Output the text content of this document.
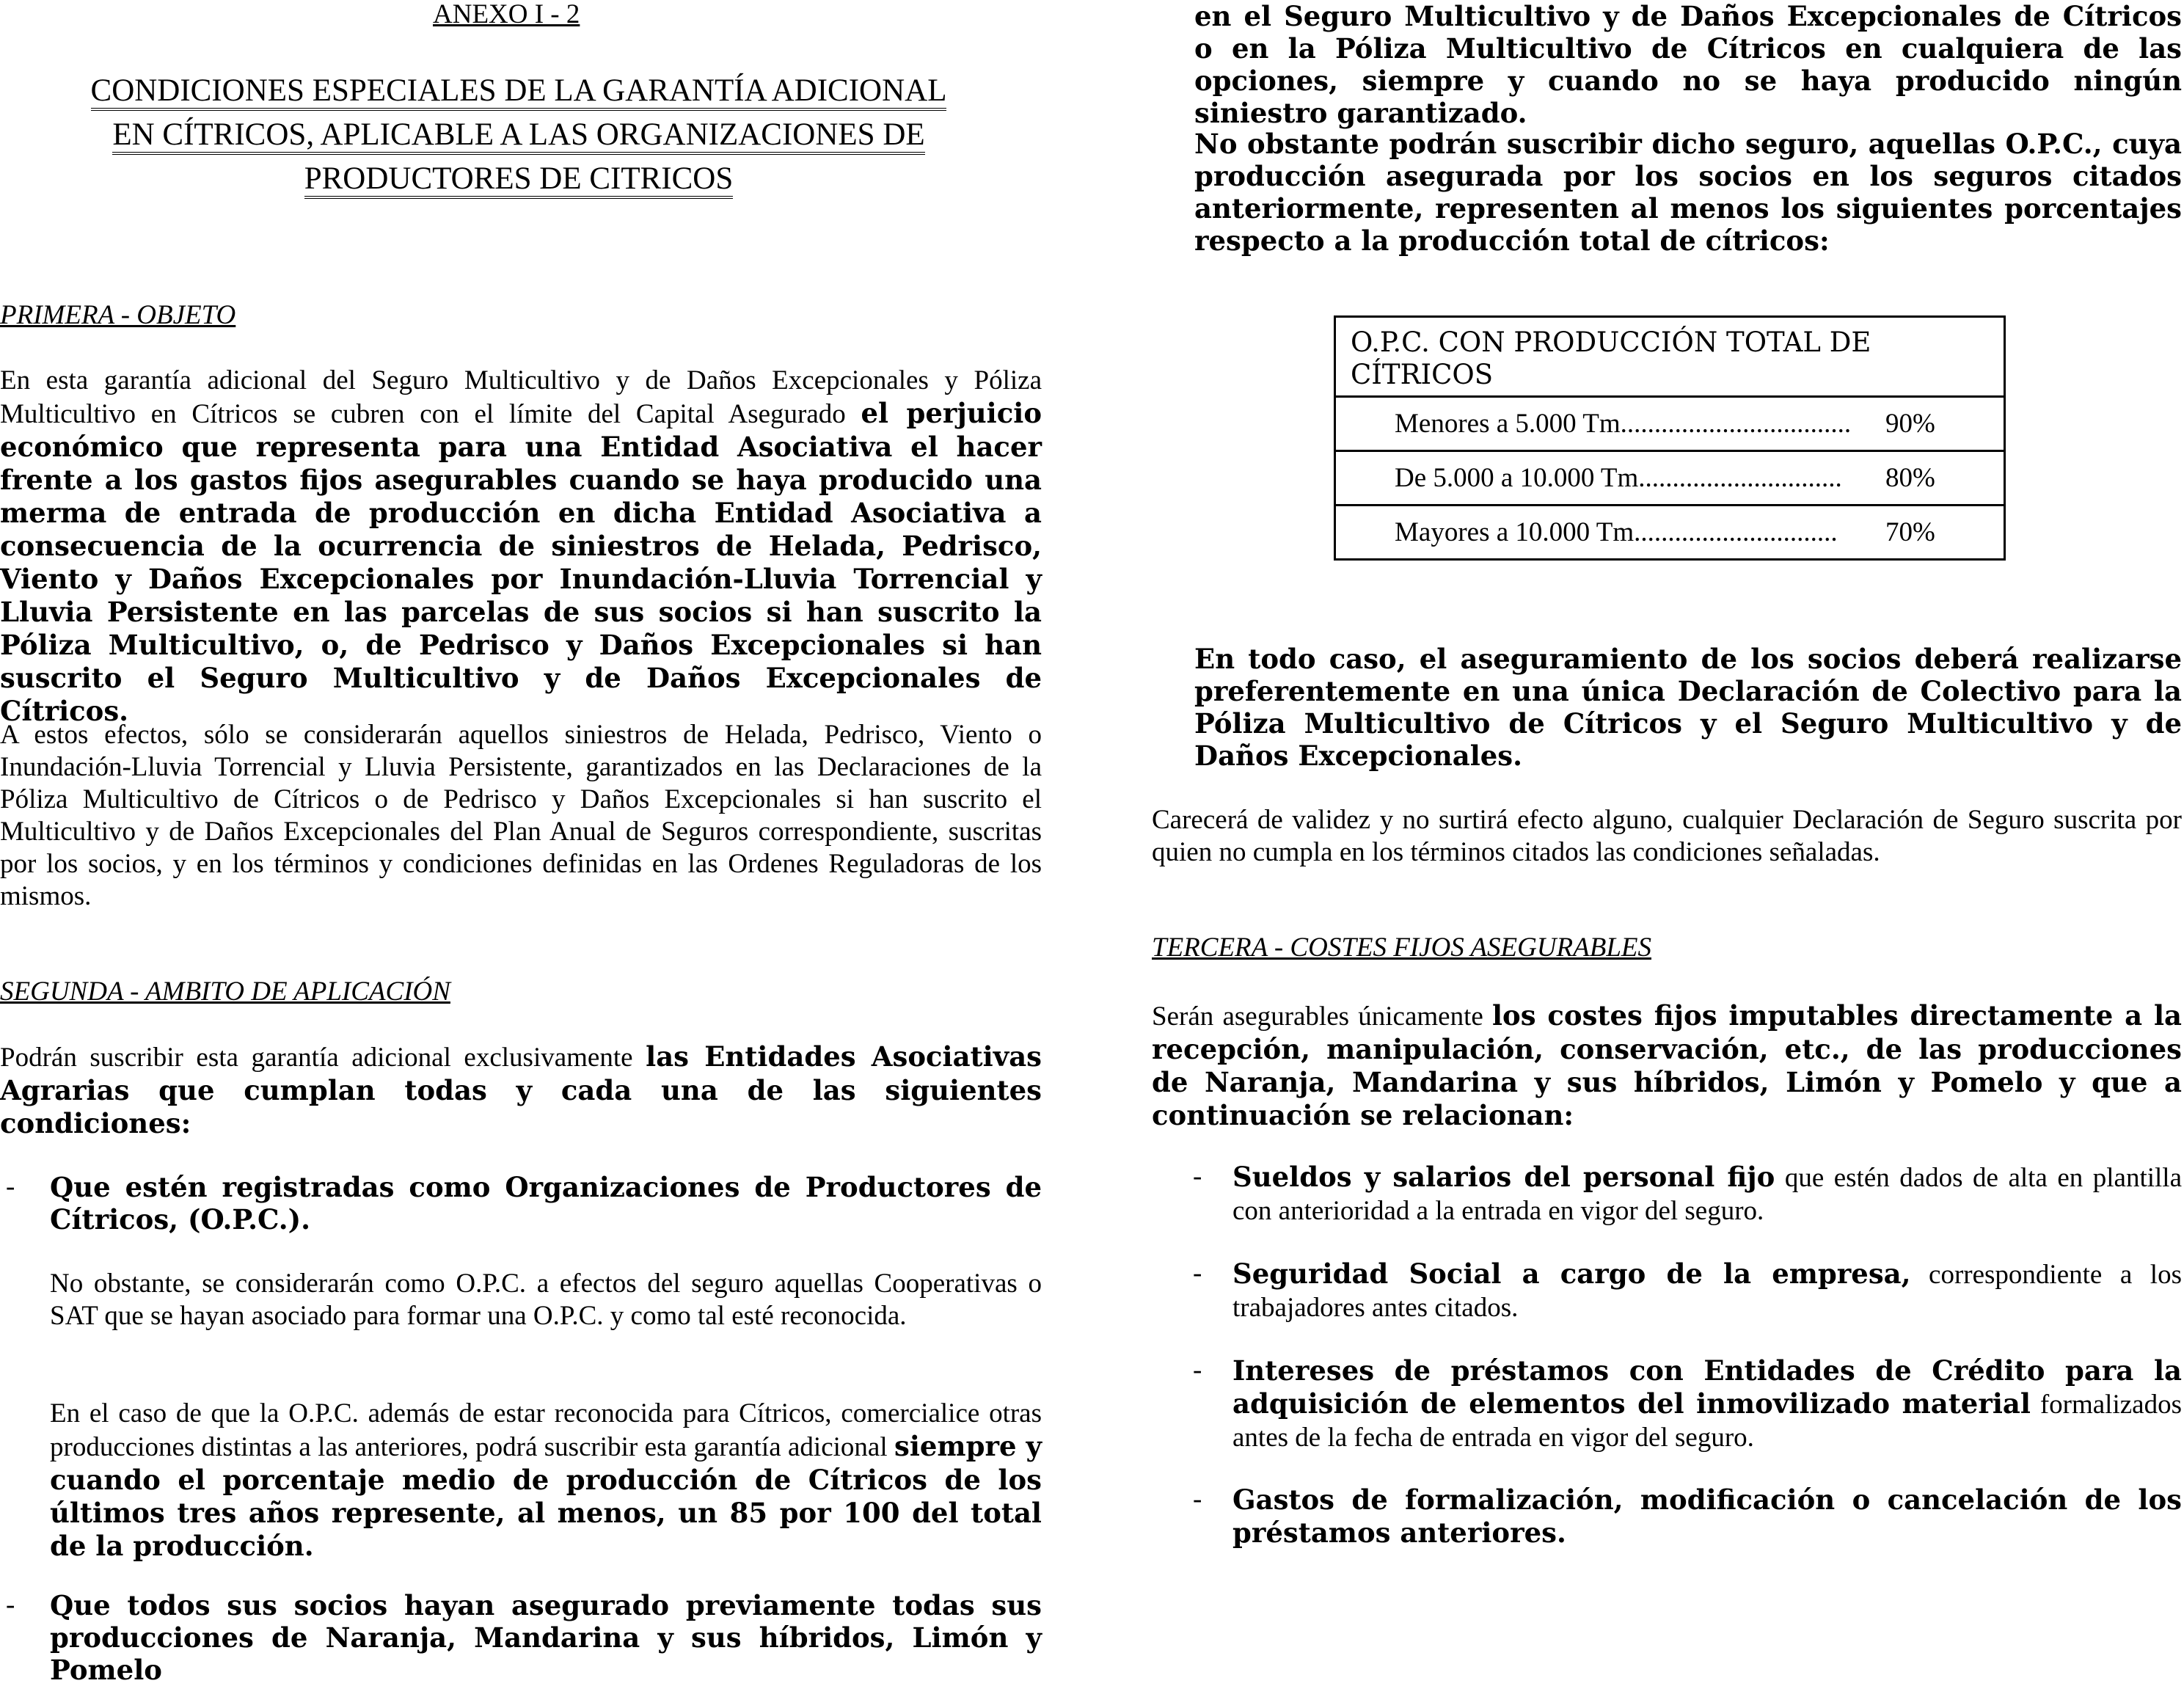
ANEXO I - 2
CONDICIONES ESPECIALES DE LA GARANTÍA ADICIONAL
EN CÍTRICOS, APLICABLE A LAS ORGANIZACIONES DE
PRODUCTORES DE CITRICOS
PRIMERA - OBJETO

En esta garantía adicional del Seguro Multicultivo y de Daños Excepcionales y Póliza Multicultivo en Cítricos se cubren con el límite del Capital Asegurado el perjuicio económico que representa para una Entidad Asociativa el hacer frente a los gastos fijos asegurables cuando se haya producido una merma de entrada de producción en dicha Entidad Asociativa a consecuencia de la ocurrencia de siniestros de Helada, Pedrisco, Viento y Daños Excepcionales por Inundación-Lluvia Torrencial y Lluvia Persistente en las parcelas de sus socios si han suscrito la Póliza Multicultivo, o, de Pedrisco y Daños Excepcionales si han suscrito el Seguro Multicultivo y de Daños Excepcionales de Cítricos.

A estos efectos, sólo se considerarán aquellos siniestros de Helada, Pedrisco, Viento o Inundación-Lluvia Torrencial y Lluvia Persistente, garantizados en las Declaraciones de la Póliza Multicultivo de Cítricos o de Pedrisco y Daños Excepcionales si han suscrito el Multicultivo y de Daños Excepcionales del Plan Anual de Seguros correspondiente, suscritas por los socios, y en los términos y condiciones definidas en las Ordenes Reguladoras de los mismos.

SEGUNDA - AMBITO DE APLICACIÓN

Podrán suscribir esta garantía adicional exclusivamente las Entidades Asociativas Agrarias que cumplan todas y cada una de las siguientes condiciones:

- Que estén registradas como Organizaciones de Productores de Cítricos, (O.P.C.).

No obstante, se considerarán como O.P.C. a efectos del seguro aquellas Cooperativas o SAT que se hayan asociado para formar una O.P.C. y como tal esté reconocida.

En el caso de que la O.P.C. además de estar reconocida para Cítricos, comercialice otras producciones distintas a las anteriores, podrá suscribir esta garantía adicional siempre y cuando el porcentaje medio de producción de Cítricos de los últimos tres años represente, al menos, un 85 por 100 del total de la producción.

- Que todos sus socios hayan asegurado previamente todas sus producciones de Naranja, Mandarina y sus híbridos, Limón y Pomelo

en el Seguro Multicultivo y de Daños Excepcionales de Cítricos o en la Póliza Multicultivo de Cítricos en cualquiera de las opciones, siempre y cuando no se haya producido ningún siniestro garantizado.

No obstante podrán suscribir dicho seguro, aquellas O.P.C., cuya producción asegurada por los socios en los seguros citados anteriormente, representen al menos los siguientes porcentajes respecto a la producción total de cítricos:

O.P.C. CON PRODUCCIÓN TOTAL DE CÍTRICOS	
Menores a 5.000 Tm..................................	90%
De 5.000 a 10.000 Tm..............................	80%
Mayores a 10.000 Tm..............................	70%

En todo caso, el aseguramiento de los socios deberá realizarse preferentemente en una única Declaración de Colectivo para la Póliza Multicultivo de Cítricos y el Seguro Multicultivo y de Daños Excepcionales.

Carecerá de validez y no surtirá efecto alguno, cualquier Declaración de Seguro suscrita por quien no cumpla en los términos citados las condiciones señaladas.

TERCERA - COSTES FIJOS ASEGURABLES

Serán asegurables únicamente los costes fijos imputables directamente a la recepción, manipulación, conservación, etc., de las producciones de Naranja, Mandarina y sus híbridos, Limón y Pomelo y que a continuación se relacionan:

- Sueldos y salarios del personal fijo que estén dados de alta en plantilla con anterioridad a la entrada en vigor del seguro.

- Seguridad Social a cargo de la empresa, correspondiente a los trabajadores antes citados.

- Intereses de préstamos con Entidades de Crédito para la adquisición de elementos del inmovilizado material formalizados antes de la fecha de entrada en vigor del seguro.

- Gastos de formalización, modificación o cancelación de los préstamos anteriores.
